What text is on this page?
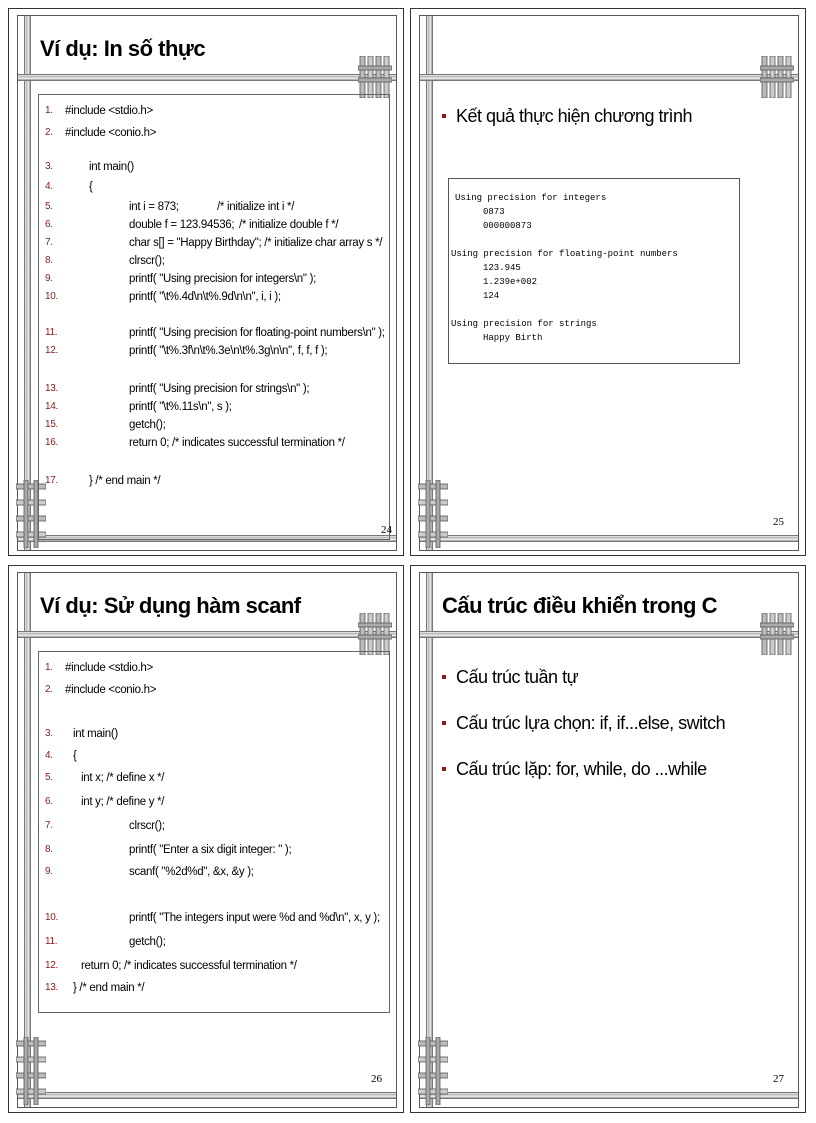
Ví dụ: In số thực
1.	#include <stdio.h>
2.	#include <conio.h>
3.	int main()
4.	{
5.	int i = 873;	/* initialize int i */
6.	double f = 123.94536; /* initialize double f */
7.	char s[] = "Happy Birthday"; /* initialize char array s */
8.	clrscr();
9.	printf( "Using precision for integers\n" );
10.	printf( "\t%.4d\n\t%.9d\n\n", i, i );
11.	printf( "Using precision for floating-point numbers\n" );
12.	printf( "\t%.3f\n\t%.3e\n\t%.3g\n\n", f, f, f );
13.	printf( "Using precision for strings\n" );
14.	printf( "\t%.11s\n", s );
15.	getch();
16.	return 0; /* indicates successful termination */
17.	} /* end main */
24
Kết quả thực hiện chương trình
Using precision for integers
0873
000000873
Using precision for floating-point numbers
123.945
1.239e+002
124
Using precision for strings
Happy Birth
25
Ví dụ: Sử dụng hàm scanf
1.	#include <stdio.h>
2.	#include <conio.h>
3.	int main()
4.	{
5.	int x; /* define x */
6.	int y; /* define y */
7.	clrscr();
8.	printf( "Enter a six digit integer: " );
9.	scanf( "%2d%d", &x, &y );
10.	printf( "The integers input were %d and %d\n", x, y );
11.	getch();
12. return 0; /* indicates successful termination */
13. } /* end main */
26
Cấu trúc điều khiển trong C
Cấu trúc tuần tự
Cấu trúc lựa chọn: if, if...else, switch
Cấu trúc lặp: for, while, do ...while
27
